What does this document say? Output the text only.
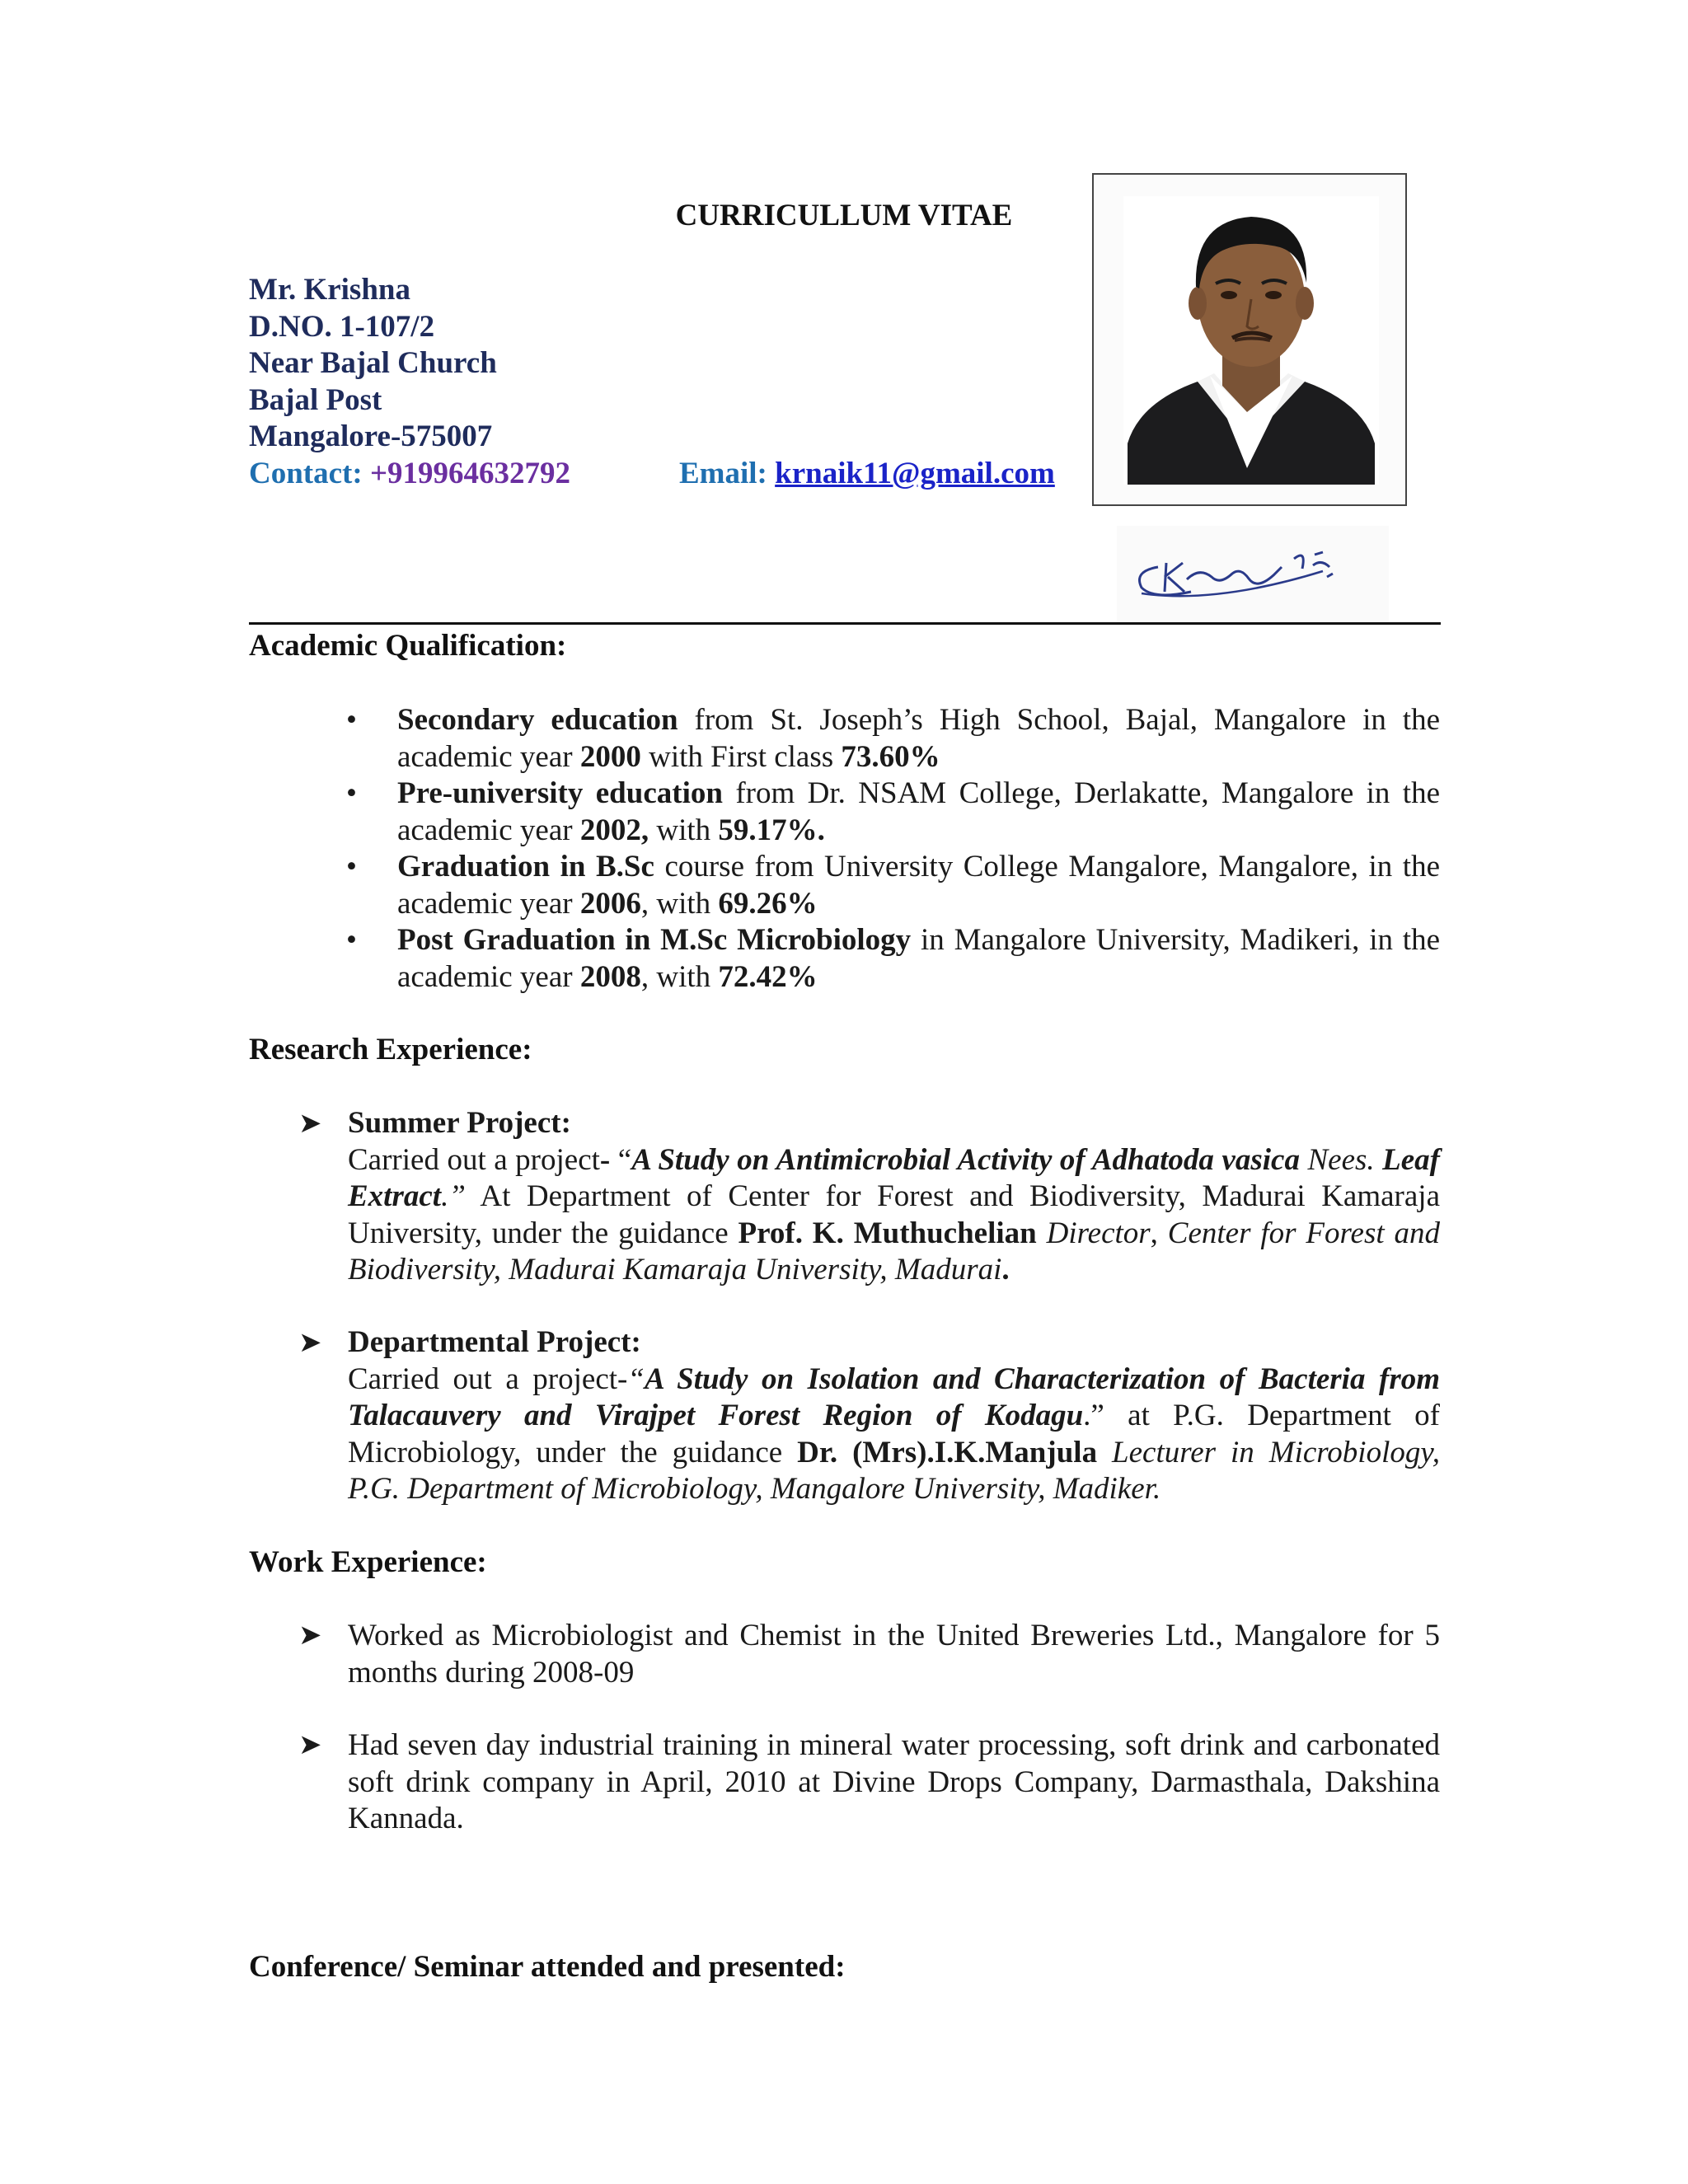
CURRICULLUM VITAE
Mr. Krishna
D.NO. 1-107/2
Near Bajal Church
Bajal Post
Mangalore-575007
Contact: +919964632792	Email: krnaik11@gmail.com
Academic Qualification:
• Secondary education from St. Joseph’s High School, Bajal, Mangalore in the academic year 2000 with First class 73.60%
• Pre-university education from Dr. NSAM College, Derlakatte, Mangalore in the academic year 2002, with 59.17%.
• Graduation in B.Sc course from University College Mangalore, Mangalore, in the academic year 2006, with 69.26%
• Post Graduation in M.Sc Microbiology in Mangalore University, Madikeri, in the academic year 2008, with 72.42%
Research Experience:
➤ Summer Project:
Carried out a project- “A Study on Antimicrobial Activity of Adhatoda vasica Nees. Leaf Extract.” At Department of Center for Forest and Biodiversity, Madurai Kamaraja University, under the guidance Prof. K. Muthuchelian Director, Center for Forest and Biodiversity, Madurai Kamaraja University, Madurai.
➤ Departmental Project:
Carried out a project-“A Study on Isolation and Characterization of Bacteria from Talacauvery and Virajpet Forest Region of Kodagu.” at P.G. Department of Microbiology, under the guidance Dr. (Mrs).I.K.Manjula Lecturer in Microbiology, P.G. Department of Microbiology, Mangalore University, Madiker.
Work Experience:
➤ Worked as Microbiologist and Chemist in the United Breweries Ltd., Mangalore for 5 months during 2008-09
➤ Had seven day industrial training in mineral water processing, soft drink and carbonated soft drink company in April, 2010 at Divine Drops Company, Darmasthala, Dakshina Kannada.
Conference/ Seminar attended and presented:
